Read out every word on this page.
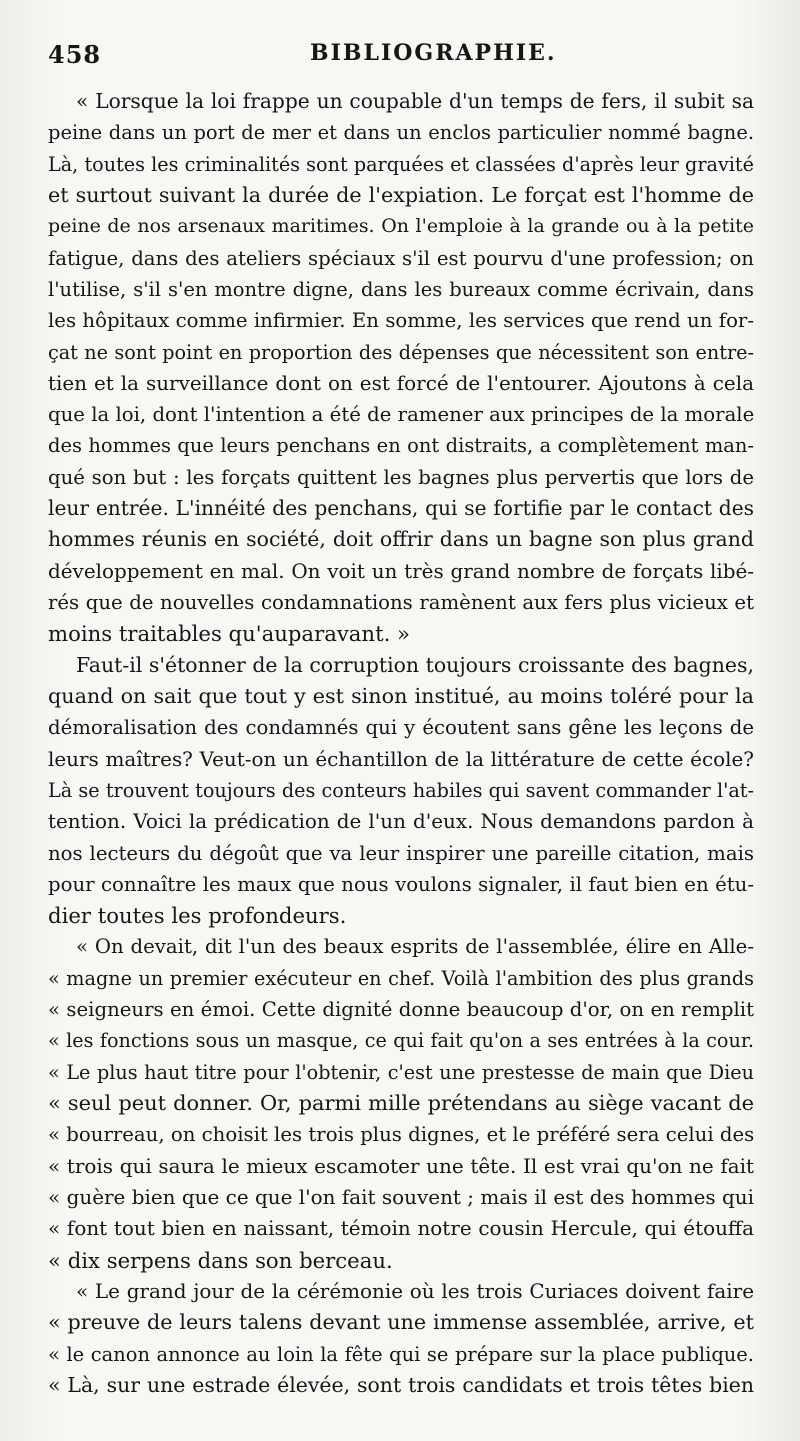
458	BIBLIOGRAPHIE.
« Lorsque la loi frappe un coupable d'un temps de fers, il subit sa
peine dans un port de mer et dans un enclos particulier nommé bagne.
Là, toutes les criminalités sont parquées et classées d'après leur gravité
et surtout suivant la durée de l'expiation. Le forçat est l'homme de
peine de nos arsenaux maritimes. On l'emploie à la grande ou à la petite
fatigue, dans des ateliers spéciaux s'il est pourvu d'une profession; on
l'utilise, s'il s'en montre digne, dans les bureaux comme écrivain, dans
les hôpitaux comme infirmier. En somme, les services que rend un for-
çat ne sont point en proportion des dépenses que nécessitent son entre-
tien et la surveillance dont on est forcé de l'entourer. Ajoutons à cela
que la loi, dont l'intention a été de ramener aux principes de la morale
des hommes que leurs penchans en ont distraits, a complètement man-
qué son but : les forçats quittent les bagnes plus pervertis que lors de
leur entrée. L'innéité des penchans, qui se fortifie par le contact des
hommes réunis en société, doit offrir dans un bagne son plus grand
développement en mal. On voit un très grand nombre de forçats libé-
rés que de nouvelles condamnations ramènent aux fers plus vicieux et
moins traitables qu'auparavant. »
Faut-il s'étonner de la corruption toujours croissante des bagnes,
quand on sait que tout y est sinon institué, au moins toléré pour la
démoralisation des condamnés qui y écoutent sans gêne les leçons de
leurs maîtres? Veut-on un échantillon de la littérature de cette école?
Là se trouvent toujours des conteurs habiles qui savent commander l'at-
tention. Voici la prédication de l'un d'eux. Nous demandons pardon à
nos lecteurs du dégoût que va leur inspirer une pareille citation, mais
pour connaître les maux que nous voulons signaler, il faut bien en étu-
dier toutes les profondeurs.
« On devait, dit l'un des beaux esprits de l'assemblée, élire en Alle-
« magne un premier exécuteur en chef. Voilà l'ambition des plus grands
« seigneurs en émoi. Cette dignité donne beaucoup d'or, on en remplit
« les fonctions sous un masque, ce qui fait qu'on a ses entrées à la cour.
« Le plus haut titre pour l'obtenir, c'est une prestesse de main que Dieu
« seul peut donner. Or, parmi mille prétendans au siège vacant de
« bourreau, on choisit les trois plus dignes, et le préféré sera celui des
« trois qui saura le mieux escamoter une tête. Il est vrai qu'on ne fait
« guère bien que ce que l'on fait souvent ; mais il est des hommes qui
« font tout bien en naissant, témoin notre cousin Hercule, qui étouffa
« dix serpens dans son berceau.
« Le grand jour de la cérémonie où les trois Curiaces doivent faire
« preuve de leurs talens devant une immense assemblée, arrive, et
« le canon annonce au loin la fête qui se prépare sur la place publique.
« Là, sur une estrade élevée, sont trois candidats et trois têtes bien
